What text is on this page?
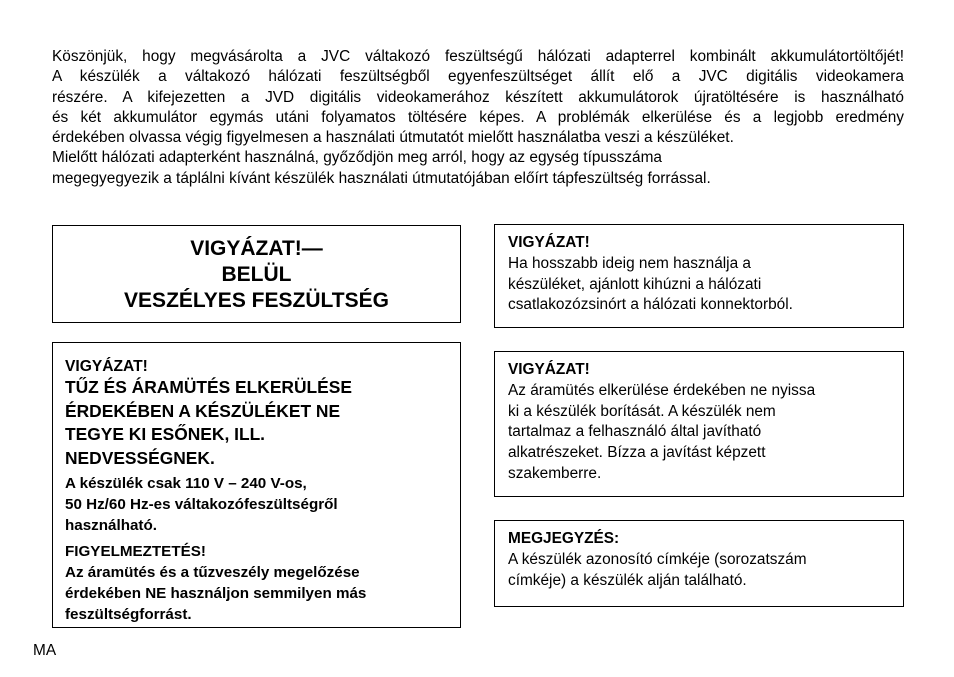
Köszönjük, hogy megvásárolta a JVC váltakozó feszültségű hálózati adapterrel kombinált akkumulátortöltőjét!

A készülék a váltakozó hálózati feszültségből egyenfeszültséget állít elő a JVC digitális videokamera

részére. A kifejezetten a JVD digitális videokamerához készített akkumulátorok újratöltésére is használható

és két akkumulátor egymás utáni folyamatos töltésére képes. A problémák elkerülése és a legjobb eredmény

érdekében olvassa végig figyelmesen a használati útmutatót mielőtt használatba veszi a készüléket.

Mielőtt hálózati adapterként használná, győződjön meg arról, hogy az egység típusszáma

megegyegyezik a táplálni kívánt készülék használati útmutatójában előírt tápfeszültség forrással.

VIGYÁZAT!—
BELÜL
VESZÉLYES FESZÜLTSÉG
VIGYÁZAT!
TŰZ ÉS ÁRAMÜTÉS ELKERÜLÉSE
ÉRDEKÉBEN A KÉSZÜLÉKET NE
TEGYE KI ESŐNEK, ILL.
NEDVESSÉGNEK.
A készülék csak 110 V – 240 V-os,
50 Hz/60 Hz-es váltakozófeszültségről
használható.
FIGYELMEZTETÉS!
Az áramütés és a tűzveszély megelőzése
érdekében NE használjon semmilyen más
feszültségforrást.
VIGYÁZAT!
Ha hosszabb ideig nem használja a
készüléket, ajánlott kihúzni a hálózati
csatlakozózsinórt a hálózati konnektorból.
VIGYÁZAT!
Az áramütés elkerülése érdekében ne nyissa
ki a készülék borítását. A készülék nem
tartalmaz a felhasználó által javítható
alkatrészeket. Bízza a javítást képzett
szakemberre.
MEGJEGYZÉS:
A készülék azonosító címkéje (sorozatszám
címkéje) a készülék alján található.
MA
